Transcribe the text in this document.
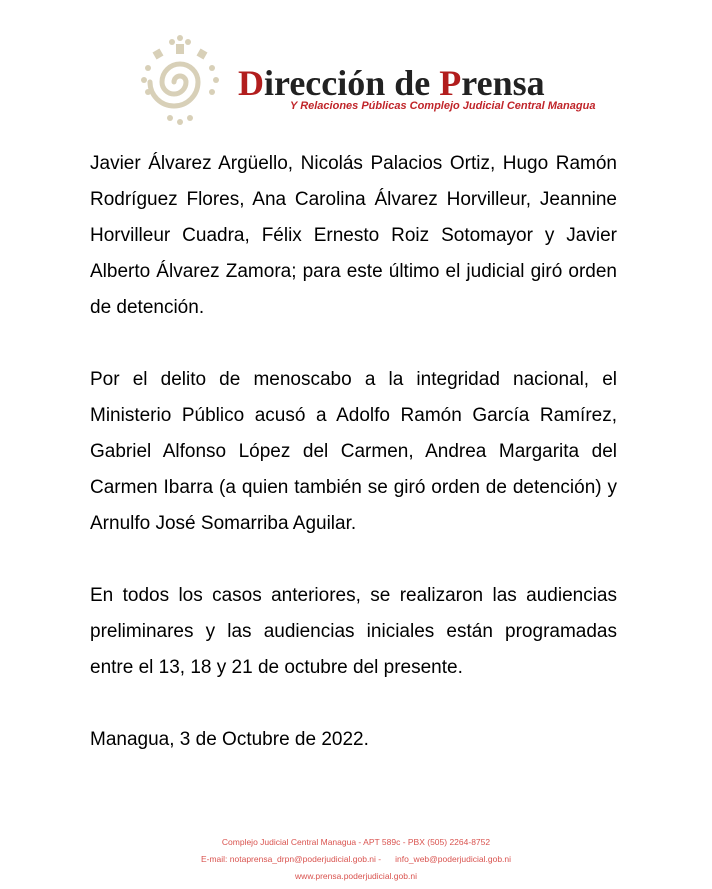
Dirección de Prensa
Y Relaciones Públicas Complejo Judicial Central Managua

Javier Álvarez Argüello, Nicolás Palacios Ortiz, Hugo Ramón Rodríguez Flores, Ana Carolina Álvarez Horvilleur, Jeannine Horvilleur Cuadra, Félix Ernesto Roiz Sotomayor y Javier Alberto Álvarez Zamora; para este último el judicial giró orden de detención.

Por el delito de menoscabo a la integridad nacional, el Ministerio Público acusó a Adolfo Ramón García Ramírez, Gabriel Alfonso López del Carmen, Andrea Margarita del Carmen Ibarra (a quien también se giró orden de detención) y Arnulfo José Somarriba Aguilar.

En todos los casos anteriores, se realizaron las audiencias preliminares y las audiencias iniciales están programadas entre el 13, 18 y 21 de octubre del presente.

Managua, 3 de Octubre de 2022.

Complejo Judicial Central Managua - APT 589c - PBX (505) 2264-8752
E-mail: notaprensa_drpn@poderjudicial.gob.ni - info_web@poderjudicial.gob.ni
www.prensa.poderjudicial.gob.ni
